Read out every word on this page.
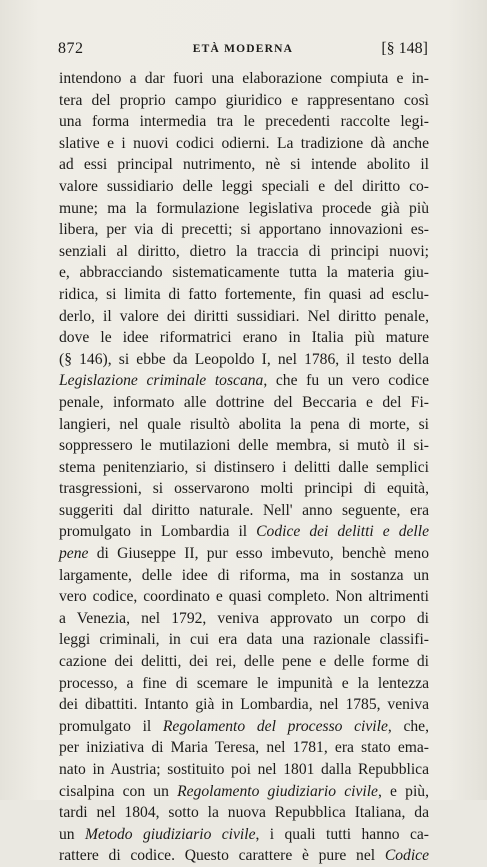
872	ETÀ MODERNA	[§ 148]
intendono a dar fuori una elaborazione compiuta e in-
tera del proprio campo giuridico e rappresentano così
una forma intermedia tra le precedenti raccolte legi-
slative e i nuovi codici odierni. La tradizione dà anche
ad essi principal nutrimento, nè si intende abolito il
valore sussidiario delle leggi speciali e del diritto co-
mune; ma la formulazione legislativa procede già più
libera, per via di precetti; si apportano innovazioni es-
senziali al diritto, dietro la traccia di principi nuovi;
e, abbracciando sistematicamente tutta la materia giu-
ridica, si limita di fatto fortemente, fin quasi ad esclu-
derlo, il valore dei diritti sussidiari. Nel diritto penale,
dove le idee riformatrici erano in Italia più mature
(§ 146), si ebbe da Leopoldo I, nel 1786, il testo della
Legislazione criminale toscana, che fu un vero codice
penale, informato alle dottrine del Beccaria e del Fi-
langieri, nel quale risultò abolita la pena di morte, si
soppressero le mutilazioni delle membra, si mutò il si-
stema penitenziario, si distinsero i delitti dalle semplici
trasgressioni, si osservarono molti principi di equità,
suggeriti dal diritto naturale. Nell' anno seguente, era
promulgato in Lombardia il Codice dei delitti e delle
pene di Giuseppe II, pur esso imbevuto, benchè meno
largamente, delle idee di riforma, ma in sostanza un
vero codice, coordinato e quasi completo. Non altrimenti
a Venezia, nel 1792, veniva approvato un corpo di
leggi criminali, in cui era data una razionale classifi-
cazione dei delitti, dei rei, delle pene e delle forme di
processo, a fine di scemare le impunità e la lentezza
dei dibattiti. Intanto già in Lombardia, nel 1785, veniva
promulgato il Regolamento del processo civile, che,
per iniziativa di Maria Teresa, nel 1781, era stato ema-
nato in Austria; sostituito poi nel 1801 dalla Repubblica
cisalpina con un Regolamento giudiziario civile, e più,
tardi nel 1804, sotto la nuova Repubblica Italiana, da
un Metodo giudiziario civile, i quali tutti hanno ca-
rattere di codice. Questo carattere è pure nel Codice
